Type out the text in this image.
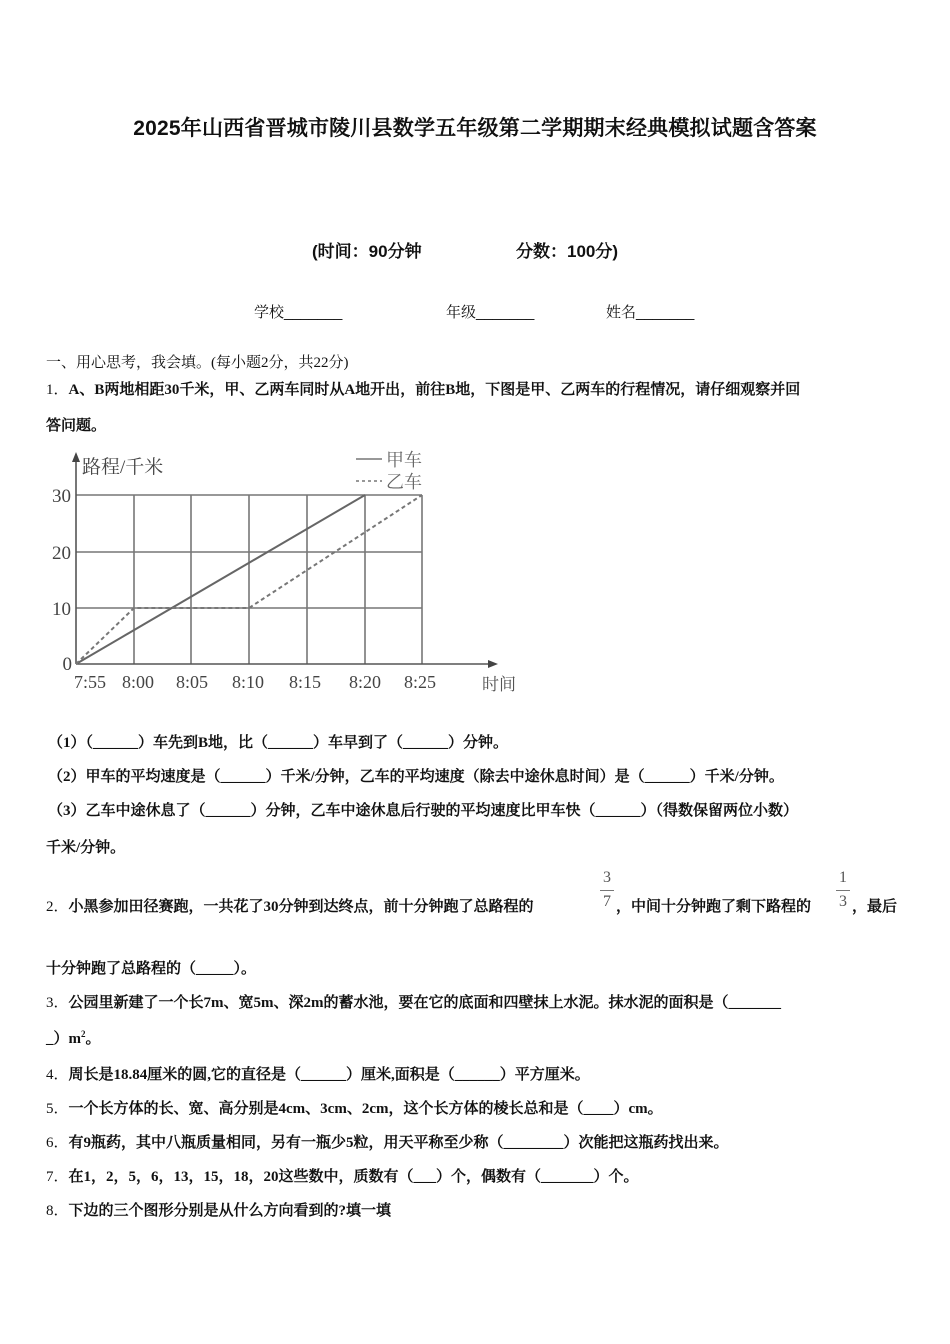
2025年山西省晋城市陵川县数学五年级第二学期期末经典模拟试题含答案
(时间：90分钟	分数：100分)
学校_______	年级_______	姓名_______
一、用心思考，我会填。(每小题2分，共22分)
1．A、B两地相距30千米，甲、乙两车同时从A地开出，前往B地，下图是甲、乙两车的行程情况，请仔细观察并回
答问题。
30
20
10
0
7:55 8:00 8:05 8:10 8:15 8:20 8:25	时间
路程/千米	甲车
乙车
（1）（______）车先到B地，比（______）车早到了（______）分钟。
（2）甲车的平均速度是（______）千米/分钟，乙车的平均速度（除去中途休息时间）是（______）千米/分钟。
（3）乙车中途休息了（______）分钟，乙车中途休息后行驶的平均速度比甲车快（______）（得数保留两位小数）
千米/分钟。
2．小黑参加田径赛跑，一共花了30分钟到达终点，前十分钟跑了总路程的
3
7 ，中间十分钟跑了剩下路程的
1
3 ，最后
十分钟跑了总路程的（_____）。
3．公园里新建了一个长7m、宽5m、深2m的蓄水池，要在它的底面和四壁抹上水泥。抹水泥的面积是（_______
$\_)m^2$。
4．周长是18.84厘米的圆,它的直径是（______）厘米,面积是（______）平方厘米。
5．一个长方体的长、宽、高分别是4cm、3cm、2cm，这个长方体的棱长总和是（____）cm。
6．有9瓶药，其中八瓶质量相同，另有一瓶少5粒，用天平称至少称（________）次能把这瓶药找出来。
7．在1，2，5，6，13，15，18，20这些数中，质数有（___）个，偶数有（_______）个。
8．下边的三个图形分别是从什么方向看到的?填一填
